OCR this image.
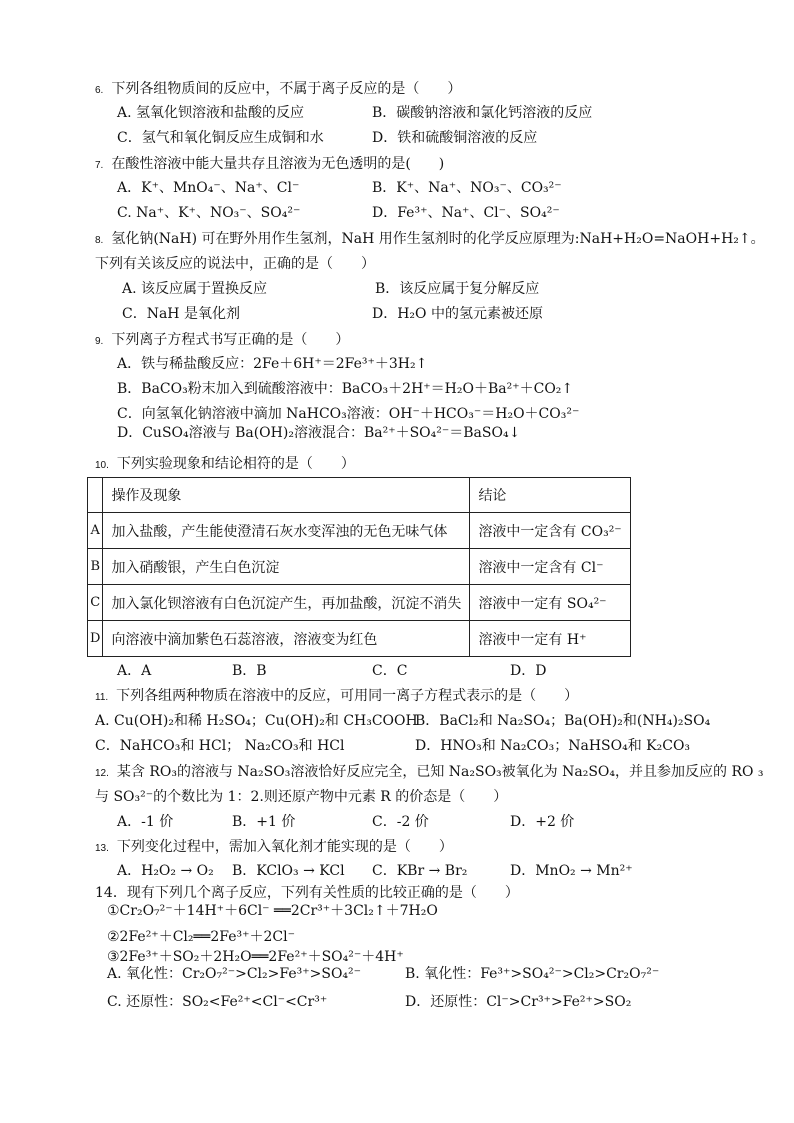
6. 下列各组物质间的反应中，不属于离子反应的是（　　）
A. 氢氧化钡溶液和盐酸的反应	B．碳酸钠溶液和氯化钙溶液的反应
C．氢气和氧化铜反应生成铜和水	D．铁和硫酸铜溶液的反应
7. 在酸性溶液中能大量共存且溶液为无色透明的是(　　)
A．K⁺、MnO₄⁻、Na⁺、Cl⁻	B．K⁺、Na⁺、NO₃⁻、CO₃²⁻
C. Na⁺、K⁺、NO₃⁻、SO₄²⁻	D．Fe³⁺、Na⁺、Cl⁻、SO₄²⁻
8. 氢化钠(NaH) 可在野外用作生氢剂，NaH 用作生氢剂时的化学反应原理为:NaH+H₂O=NaOH+H₂↑。
下列有关该反应的说法中，正确的是（　　）
A. 该反应属于置换反应	B．该反应属于复分解反应
C．NaH 是氧化剂	D．H₂O 中的氢元素被还原
9. 下列离子方程式书写正确的是（　　）
A．铁与稀盐酸反应：2Fe＋6H⁺＝2Fe³⁺＋3H₂↑
B．BaCO₃粉末加入到硫酸溶液中：BaCO₃＋2H⁺＝H₂O＋Ba²⁺＋CO₂↑
C．向氢氧化钠溶液中滴加 NaHCO₃溶液：OH⁻＋HCO₃⁻＝H₂O＋CO₃²⁻
D．CuSO₄溶液与 Ba(OH)₂溶液混合：Ba²⁺＋SO₄²⁻＝BaSO₄↓
10. 下列实验现象和结论相符的是（　　）
	操作及现象	结论
A	加入盐酸，产生能使澄清石灰水变浑浊的无色无味气体	溶液中一定含有 CO₃²⁻
B	加入硝酸银，产生白色沉淀	溶液中一定含有 Cl⁻
C	加入氯化钡溶液有白色沉淀产生，再加盐酸，沉淀不消失	溶液中一定有 SO₄²⁻
D	向溶液中滴加紫色石蕊溶液，溶液变为红色	溶液中一定有 H⁺
A．A	B．B	C．C	D．D
11. 下列各组两种物质在溶液中的反应，可用同一离子方程式表示的是（　　）
A. Cu(OH)₂和稀 H₂SO₄；Cu(OH)₂和 CH₃COOH
B．BaCl₂和 Na₂SO₄；Ba(OH)₂和(NH₄)₂SO₄
C．NaHCO₃和 HCl； Na₂CO₃和 HCl	D．HNO₃和 Na₂CO₃；NaHSO₄和 K₂CO₃
12. 某含 RO₃的溶液与 Na₂SO₃溶液恰好反应完全，已知 Na₂SO₃被氧化为 Na₂SO₄，并且参加反应的 RO ₃
与 SO₃²⁻的个数比为 1：2.则还原产物中元素 R 的价态是（　　）
A．-1 价	B．+1 价	C．-2 价	D．+2 价
13. 下列变化过程中，需加入氧化剂才能实现的是（　　）
A．H₂O₂ → O₂ B．KClO₃ → KCl C．KBr → Br₂	D．MnO₂ → Mn²⁺
14．现有下列几个离子反应，下列有关性质的比较正确的是（　　）
①Cr₂O₇²⁻＋14H⁺＋6Cl⁻ ══2Cr³⁺＋3Cl₂↑＋7H₂O
②2Fe²⁺＋Cl₂══2Fe³⁺＋2Cl⁻
③2Fe³⁺＋SO₂＋2H₂O══2Fe²⁺＋SO₄²⁻＋4H⁺
A. 氧化性：Cr₂O₇²⁻>Cl₂>Fe³⁺>SO₄²⁻	B. 氧化性：Fe³⁺>SO₄²⁻>Cl₂>Cr₂O₇²⁻
C. 还原性：SO₂<Fe²⁺<Cl⁻<Cr³⁺	D．还原性：Cl⁻>Cr³⁺>Fe²⁺>SO₂
